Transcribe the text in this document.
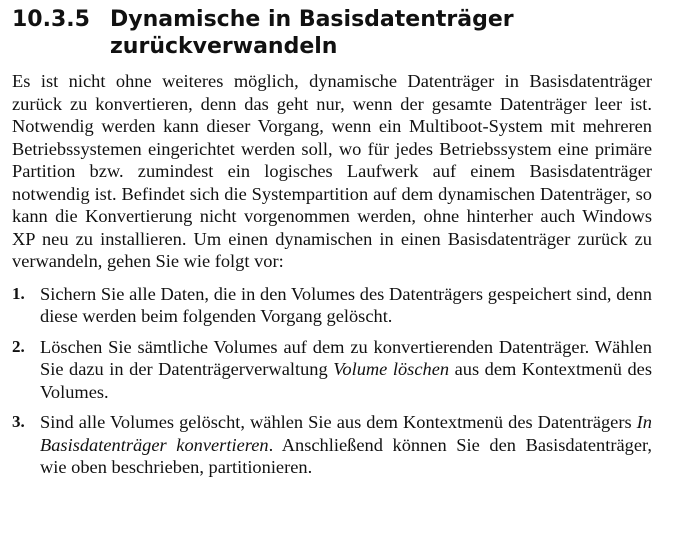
10.3.5 Dynamische in Basisdatenträger zurückverwandeln

Es ist nicht ohne weiteres möglich, dynamische Datenträger in Basisdatenträger zurück zu konvertieren, denn das geht nur, wenn der gesamte Datenträger leer ist. Notwendig werden kann dieser Vorgang, wenn ein Multiboot-System mit mehreren Betriebssystemen eingerichtet werden soll, wo für jedes Betriebssystem eine primäre Partition bzw. zumindest ein logisches Laufwerk auf einem Basisdatenträger notwendig ist. Befindet sich die Systempartition auf dem dynamischen Datenträger, so kann die Konvertierung nicht vorgenommen werden, ohne hinterher auch Windows XP neu zu installieren. Um einen dynamischen in einen Basisdatenträger zurück zu verwandeln, gehen Sie wie folgt vor:

1. Sichern Sie alle Daten, die in den Volumes des Datenträgers gespeichert sind, denn diese werden beim folgenden Vorgang gelöscht.
2. Löschen Sie sämtliche Volumes auf dem zu konvertierenden Datenträger. Wählen Sie dazu in der Datenträgerverwaltung Volume löschen aus dem Kontextmenü des Volumes.
3. Sind alle Volumes gelöscht, wählen Sie aus dem Kontextmenü des Datenträgers In Basisdatenträger konvertieren. Anschließend können Sie den Basisdatenträger, wie oben beschrieben, partitionieren.
